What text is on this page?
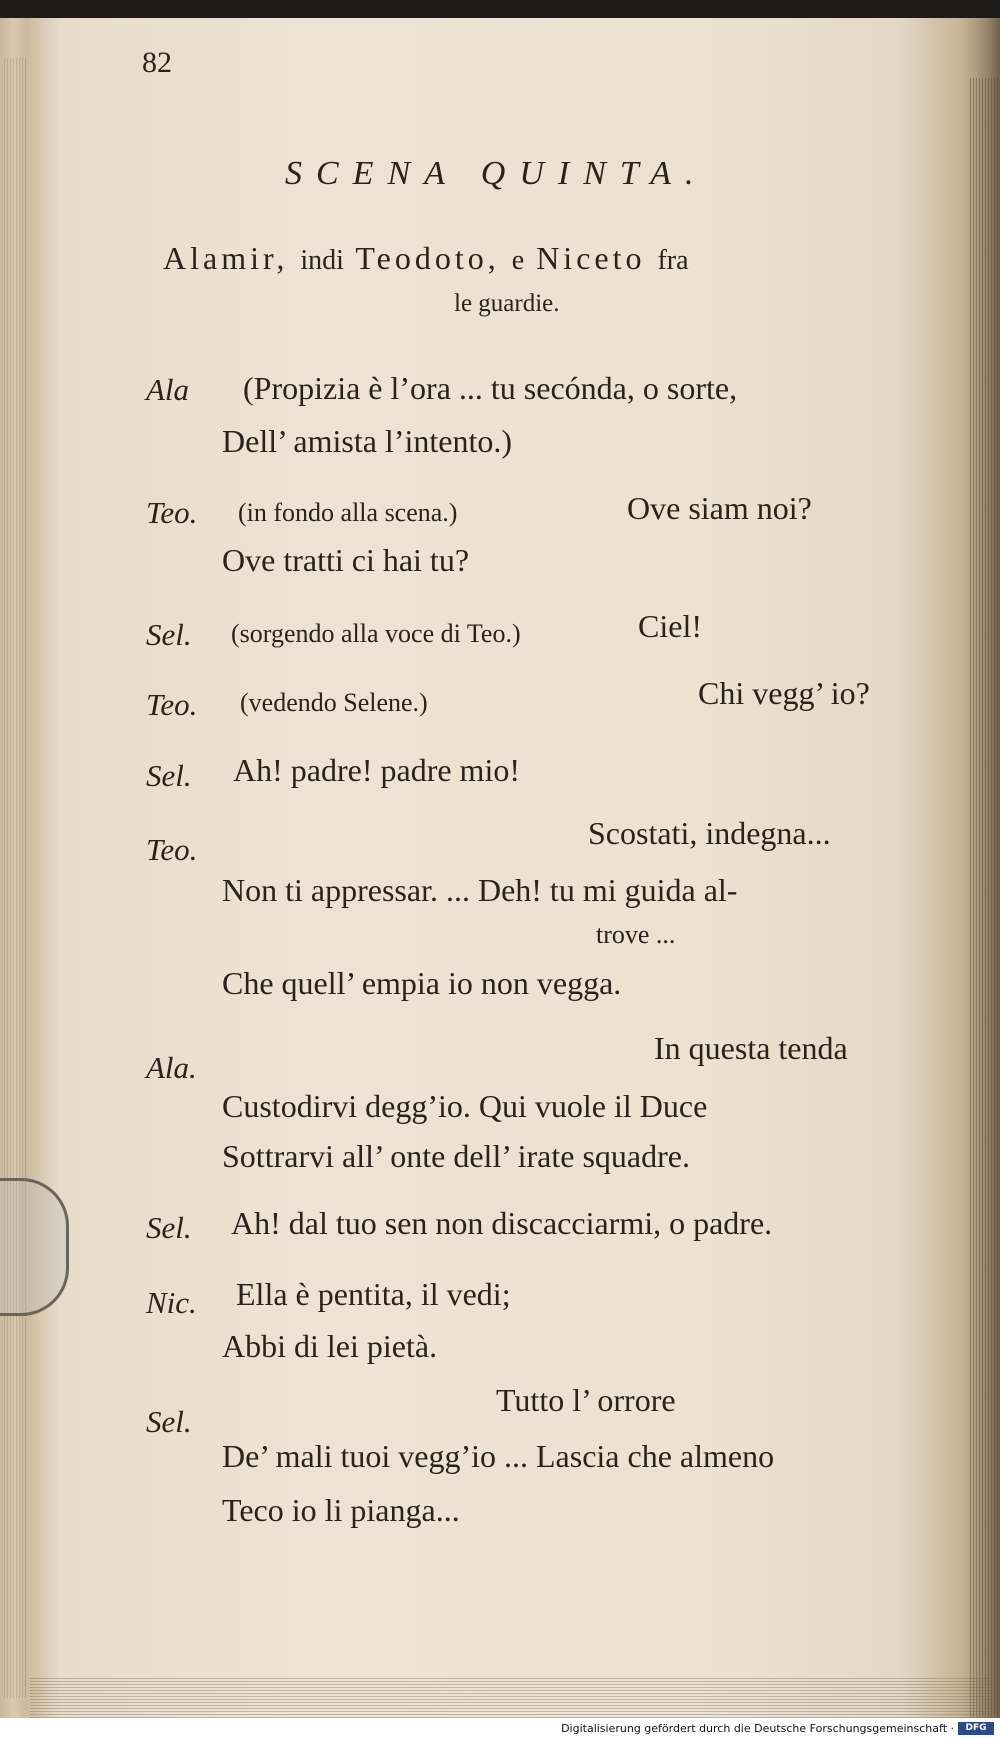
82
SCENA QUINTA.
Alamir, indi Teodoto, e Niceto fra
le guardie.
Ala (Propizia è l’ora ... tu secónda, o sorte,
Dell’ amista l’intento.)
Teo. (in fondo alla scena.)	Ove siam noi?
Ove tratti ci hai tu?
Sel. (sorgendo alla voce di Teo.)	Ciel!
Teo. (vedendo Selene.)	Chi vegg’ io?
Sel. Ah! padre! padre mio!
Teo.	Scostati, indegna...
Non ti appressar. ... Deh! tu mi guida al-
trove ...
Che quell’ empia io non vegga.
Ala.
In questa tenda
Custodirvi degg’io. Qui vuole il Duce
Sottrarvi all’ onte dell’ irate squadre.
Sel. Ah! dal tuo sen non discacciarmi, o padre.
Nic. Ella è pentita, il vedi;
Abbi di lei pietà.
Sel.
Tutto l’ orrore
De’ mali tuoi vegg’io ... Lascia che almeno
Teco io li pianga...
Digitalisierung gefördert durch die Deutsche Forschungsgemeinschaft ·	DFG
